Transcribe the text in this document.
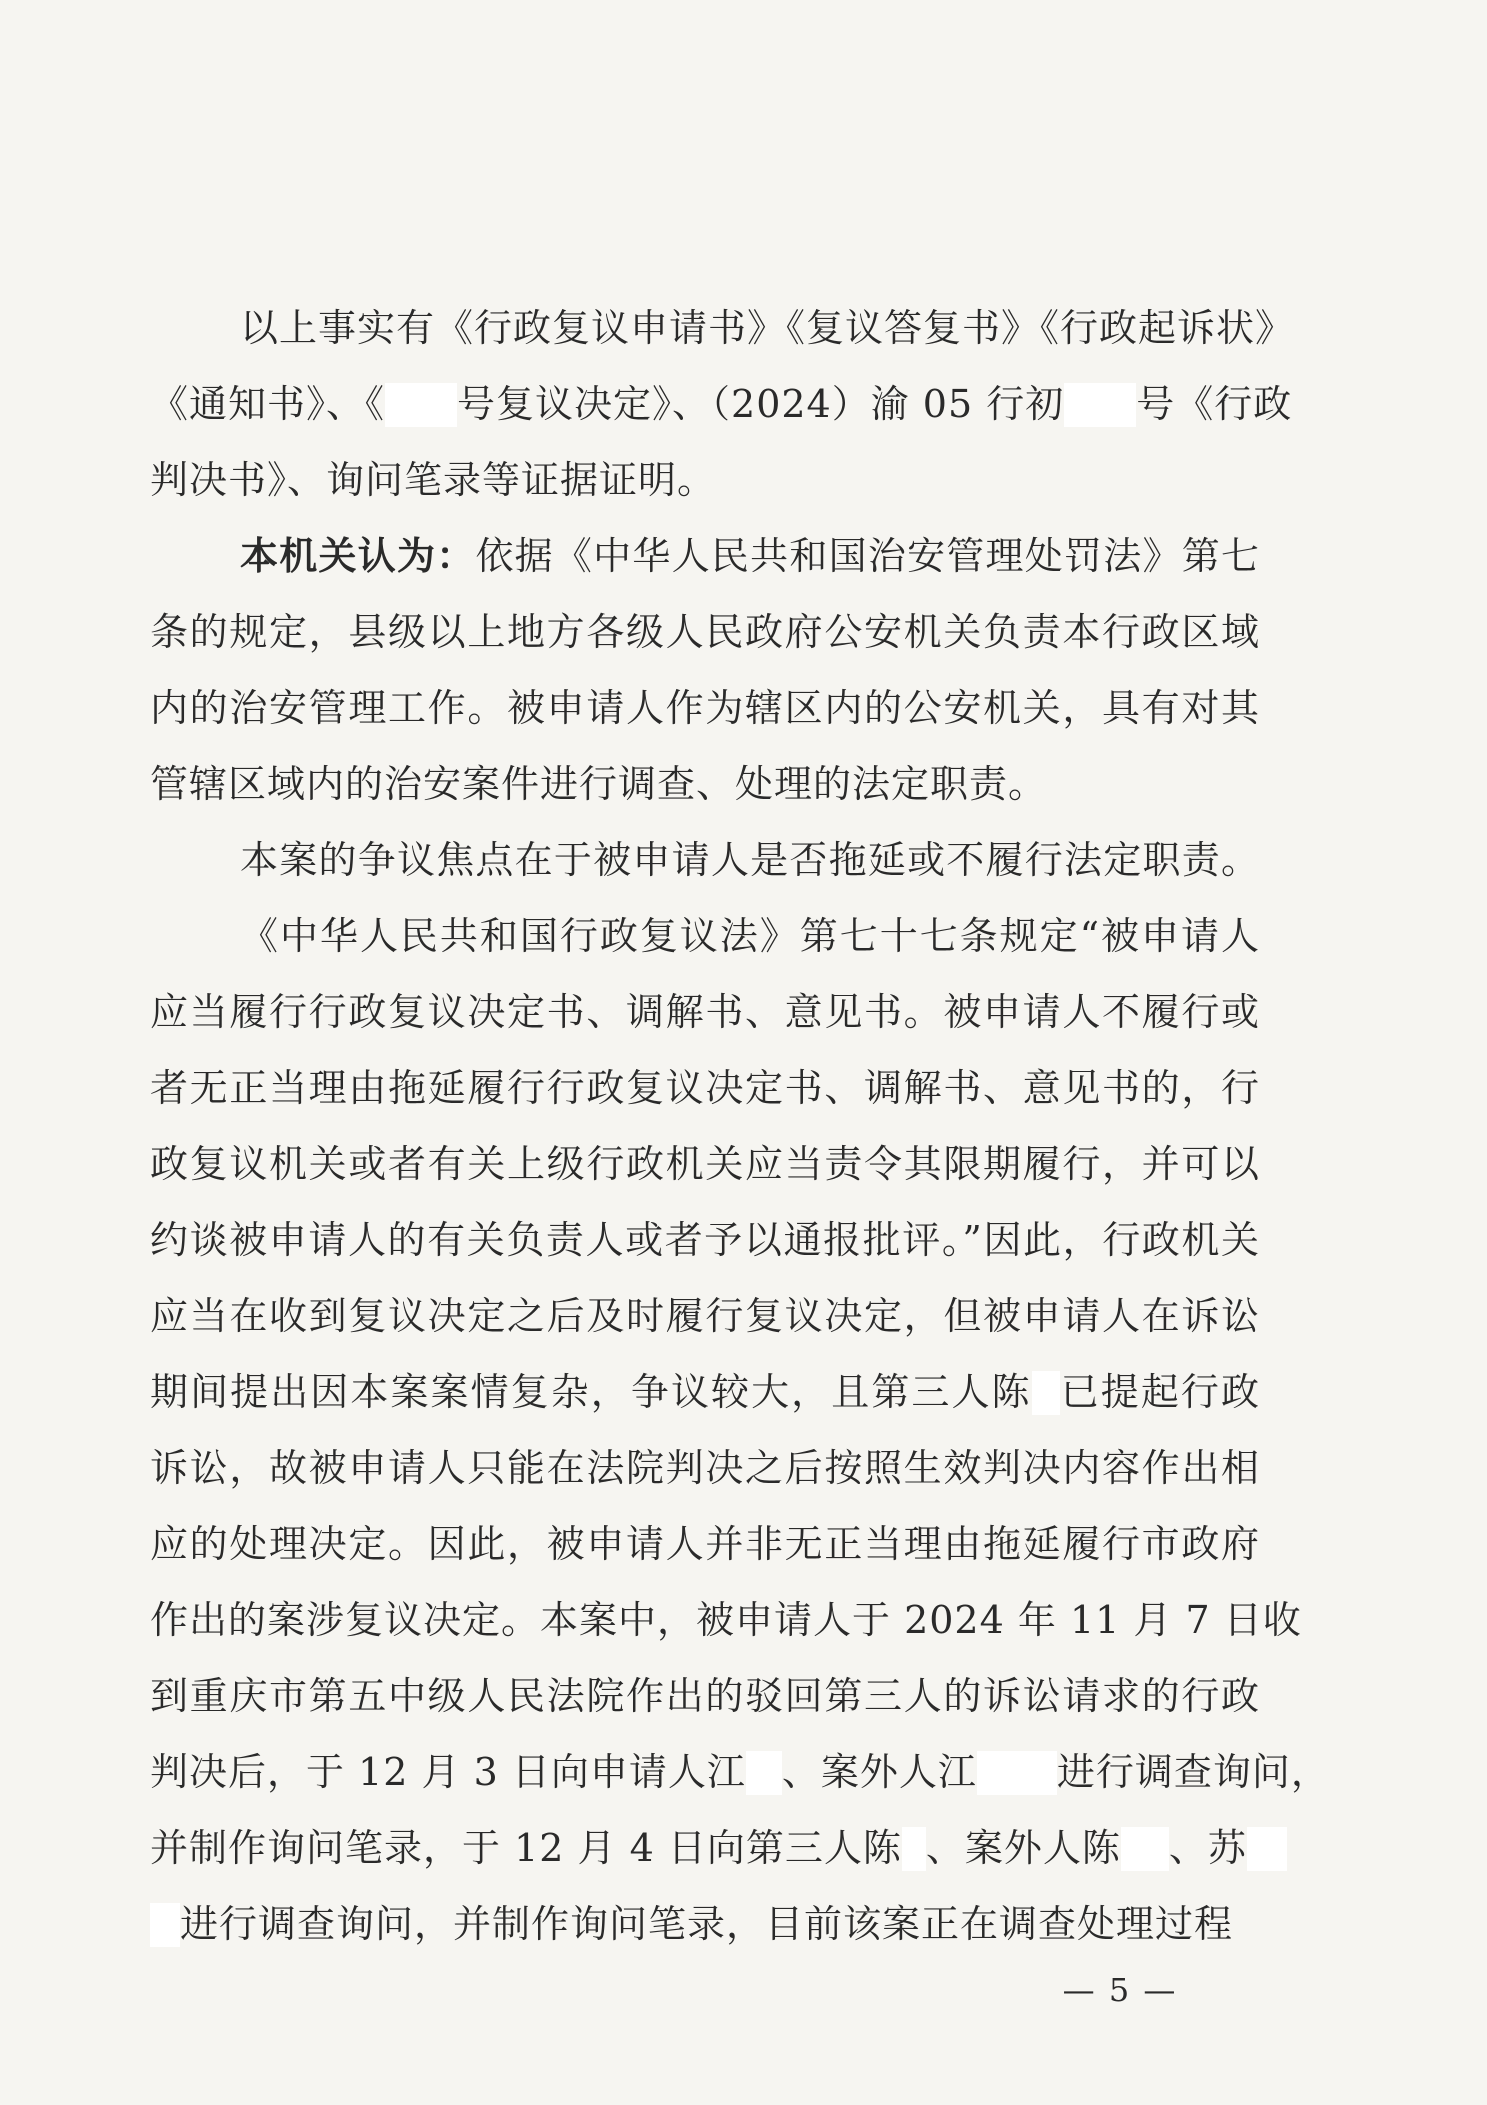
以上事实有《行政复议申请书》《复议答复书》《行政起诉状》
《通知书》、《 号复议决定》、（2024）渝 05 行初 号《行政
判决书》、询问笔录等证据证明。
本机关认为：依据《中华人民共和国治安管理处罚法》第七
条的规定，县级以上地方各级人民政府公安机关负责本行政区域
内的治安管理工作。被申请人作为辖区内的公安机关，具有对其
管辖区域内的治安案件进行调查、处理的法定职责。
本案的争议焦点在于被申请人是否拖延或不履行法定职责。
《中华人民共和国行政复议法》第七十七条规定“被申请人
应当履行行政复议决定书、调解书、意见书。被申请人不履行或
者无正当理由拖延履行行政复议决定书、调解书、意见书的，行
政复议机关或者有关上级行政机关应当责令其限期履行，并可以
约谈被申请人的有关负责人或者予以通报批评。”因此，行政机关
应当在收到复议决定之后及时履行复议决定，但被申请人在诉讼
期间提出因本案案情复杂，争议较大，且第三人陈 已提起行政
诉讼，故被申请人只能在法院判决之后按照生效判决内容作出相
应的处理决定。因此，被申请人并非无正当理由拖延履行市政府
作出的案涉复议决定。本案中，被申请人于 2024 年 11 月 7 日收
到重庆市第五中级人民法院作出的驳回第三人的诉讼请求的行政
判决后，于 12 月 3 日向申请人江 、案外人江 进行调查询问，
并制作询问笔录，于 12 月 4 日向第三人陈 、案外人陈 、苏
进行调查询问，并制作询问笔录，目前该案正在调查处理过程
— 5 —
